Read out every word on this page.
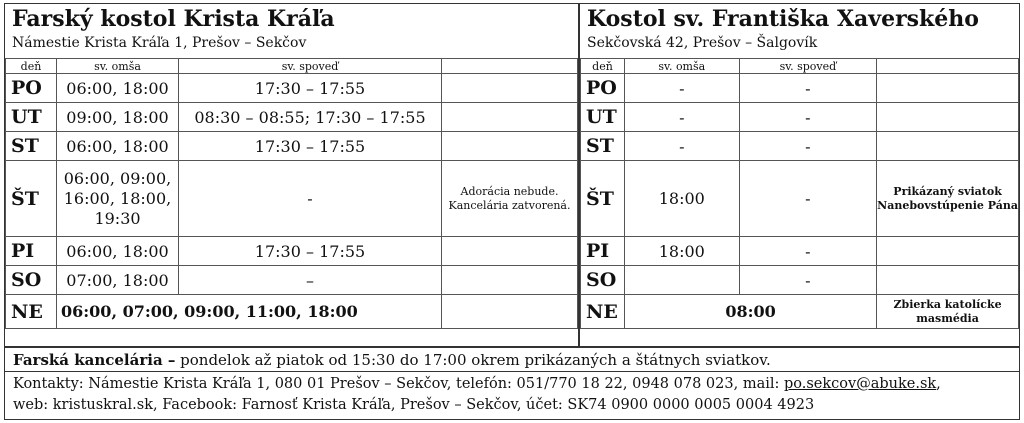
Farský kostol Krista Kráľa
Námestie Krista Kráľa 1, Prešov – Sekčov
deň	sv. omša	sv. spoveď	
PO	06:00, 18:00	17:30 – 17:55	
UT	09:00, 18:00	08:30 – 08:55; 17:30 – 17:55	
ST	06:00, 18:00	17:30 – 17:55	
ŠT	06:00, 09:00, 16:00, 18:00, 19:30	-	Adorácia nebude. Kancelária zatvorená.
PI	06:00, 18:00	17:30 – 17:55	
SO	07:00, 18:00	–	
NE	06:00, 07:00, 09:00, 11:00, 18:00		
Kostol sv. Františka Xaverského
Sekčovská 42, Prešov – Šalgovík
deň	sv. omša	sv. spoveď	
PO	-	-	
UT	-	-	
ST	-	-	
ŠT	18:00	-	Prikázaný sviatok Nanebovstúpenie Pána
PI	18:00	-	
SO		-	
NE	08:00		Zbierka katolícke masmédia
Farská kancelária – pondelok až piatok od 15:30 do 17:00 okrem prikázaných a štátnych sviatkov.
Kontakty: Námestie Krista Kráľa 1, 080 01 Prešov – Sekčov, telefón: 051/770 18 22, 0948 078 023, mail: po.sekcov@abuke.sk,
web: kristuskral.sk, Facebook: Farnosť Krista Kráľa, Prešov – Sekčov, účet: SK74 0900 0000 0005 0004 4923
